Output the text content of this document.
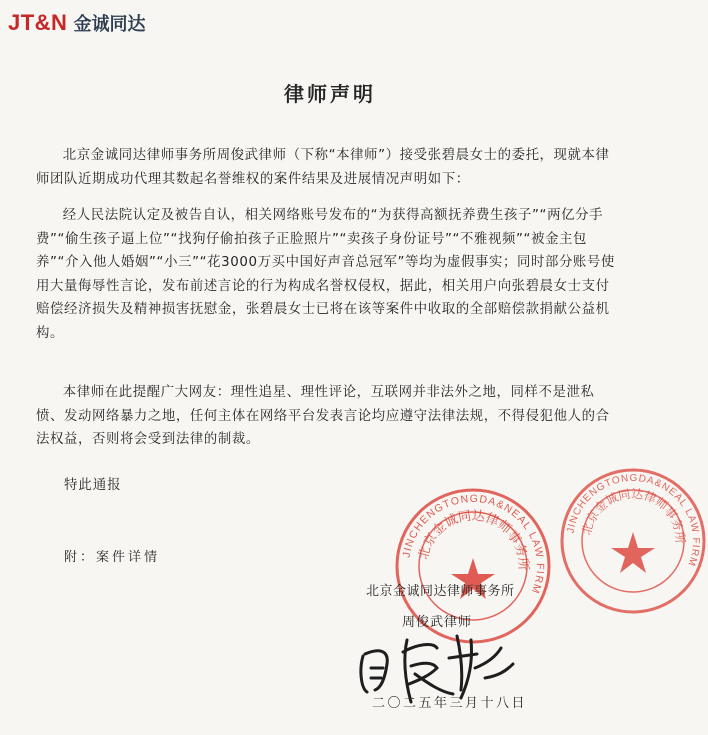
JT&N 金诚同达
律师声明

北京金诚同达律师事务所周俊武律师（下称“本律师”）接受张碧晨女士的委托，现就本律师团队近期成功代理其数起名誉维权的案件结果及进展情况声明如下：

经人民法院认定及被告自认，相关网络账号发布的“为获得高额抚养费生孩子”“两亿分手费”“偷生孩子逼上位”“找狗仔偷拍孩子正脸照片”“卖孩子身份证号”“不雅视频”“被金主包养”“介入他人婚姻”“小三”“花3000万买中国好声音总冠军”等均为虚假事实；同时部分账号使用大量侮辱性言论，发布前述言论的行为构成名誉权侵权，据此，相关用户向张碧晨女士支付赔偿经济损失及精神损害抚慰金，张碧晨女士已将在该等案件中收取的全部赔偿款捐献公益机构。

本律师在此提醒广大网友：理性追星、理性评论，互联网并非法外之地，同样不是泄私愤、发动网络暴力之地，任何主体在网络平台发表言论均应遵守法律法规，不得侵犯他人的合法权益，否则将会受到法律的制裁。

特此通报
附：案件详情	JINCHENGTONGDA&NEAL LAW FIRM
北京金诚同达律师事务所
JINCHENGTONGDA&NEAL LAW FIRM
北京金诚同达律师事务所
北京金诚同达律师事务所
周俊武律师
二〇二五年三月十八日
